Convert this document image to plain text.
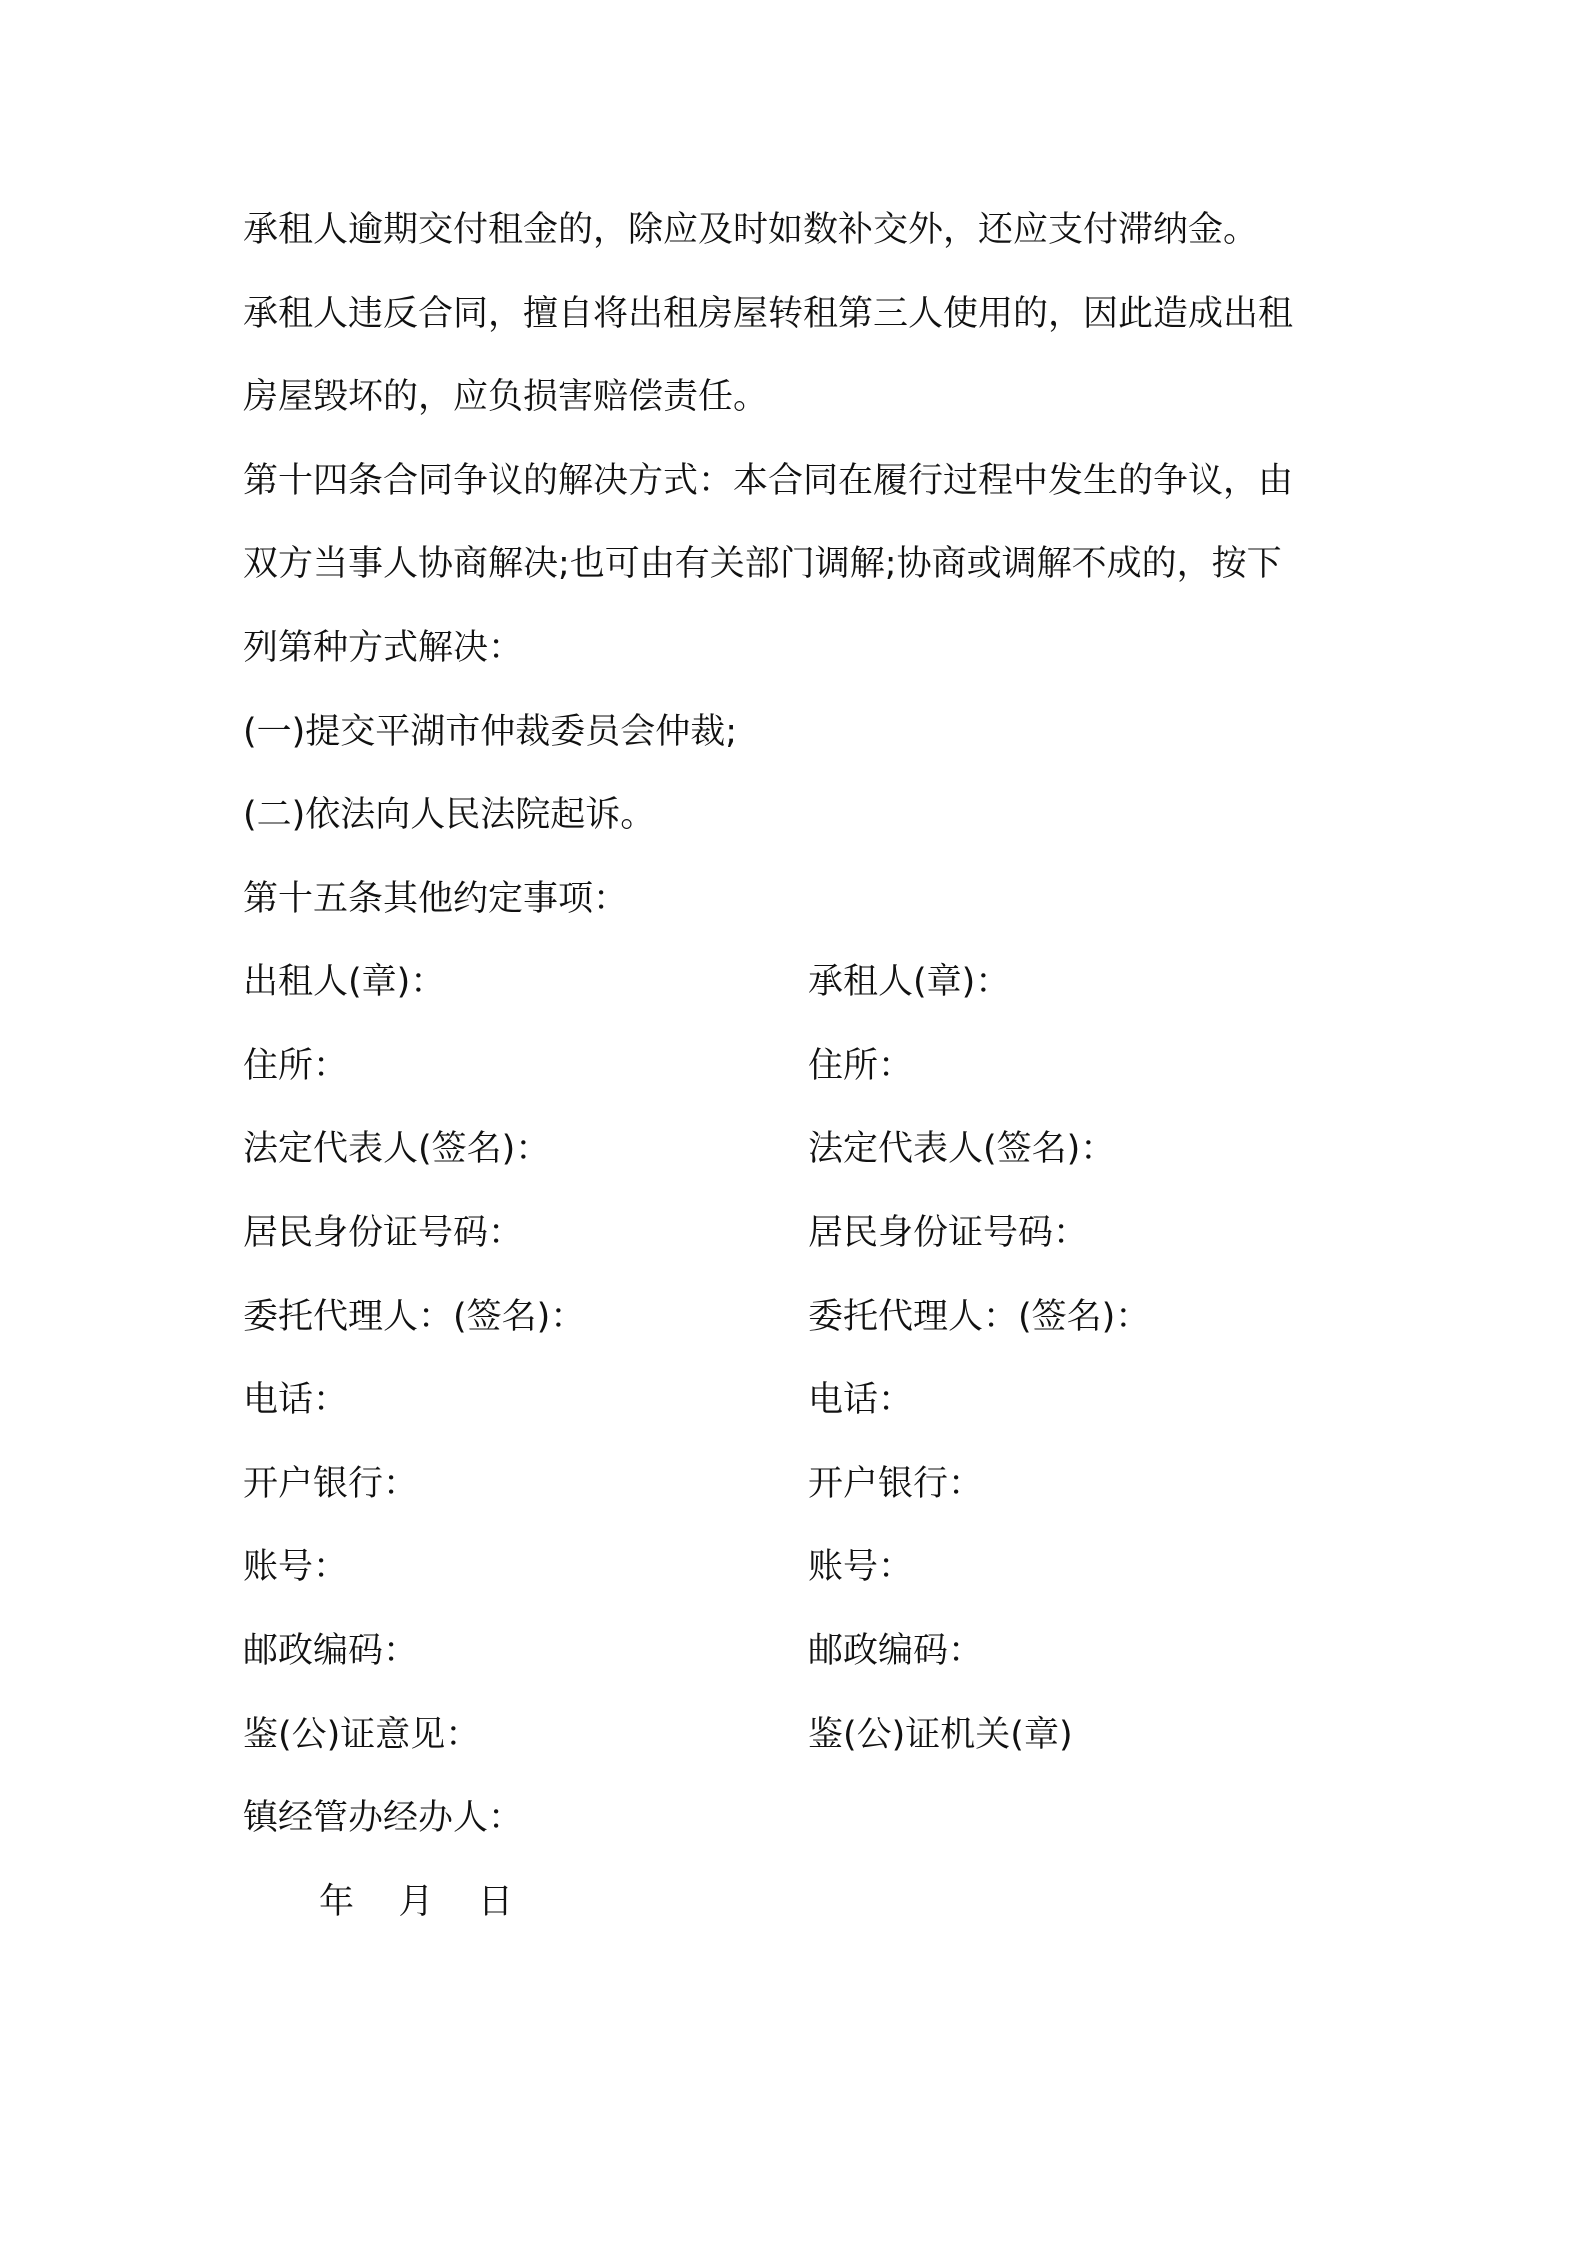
承租人逾期交付租金的，除应及时如数补交外，还应支付滞纳金。
承租人违反合同，擅自将出租房屋转租第三人使用的，因此造成出租
房屋毁坏的，应负损害赔偿责任。
第十四条合同争议的解决方式：本合同在履行过程中发生的争议，由
双方当事人协商解决;也可由有关部门调解;协商或调解不成的，按下
列第种方式解决：
(一)提交平湖市仲裁委员会仲裁;
(二)依法向人民法院起诉。
第十五条其他约定事项：
出租人(章)：	承租人(章)：
住所：	住所：
法定代表人(签名)：	法定代表人(签名)：
居民身份证号码：	居民身份证号码：
委托代理人：(签名)：	委托代理人：(签名)：
电话：	电话：
开户银行：	开户银行：
账号：	账号：
邮政编码：	邮政编码：
鉴(公)证意见：	鉴(公)证机关(章)
镇经管办经办人：
年    月    日
